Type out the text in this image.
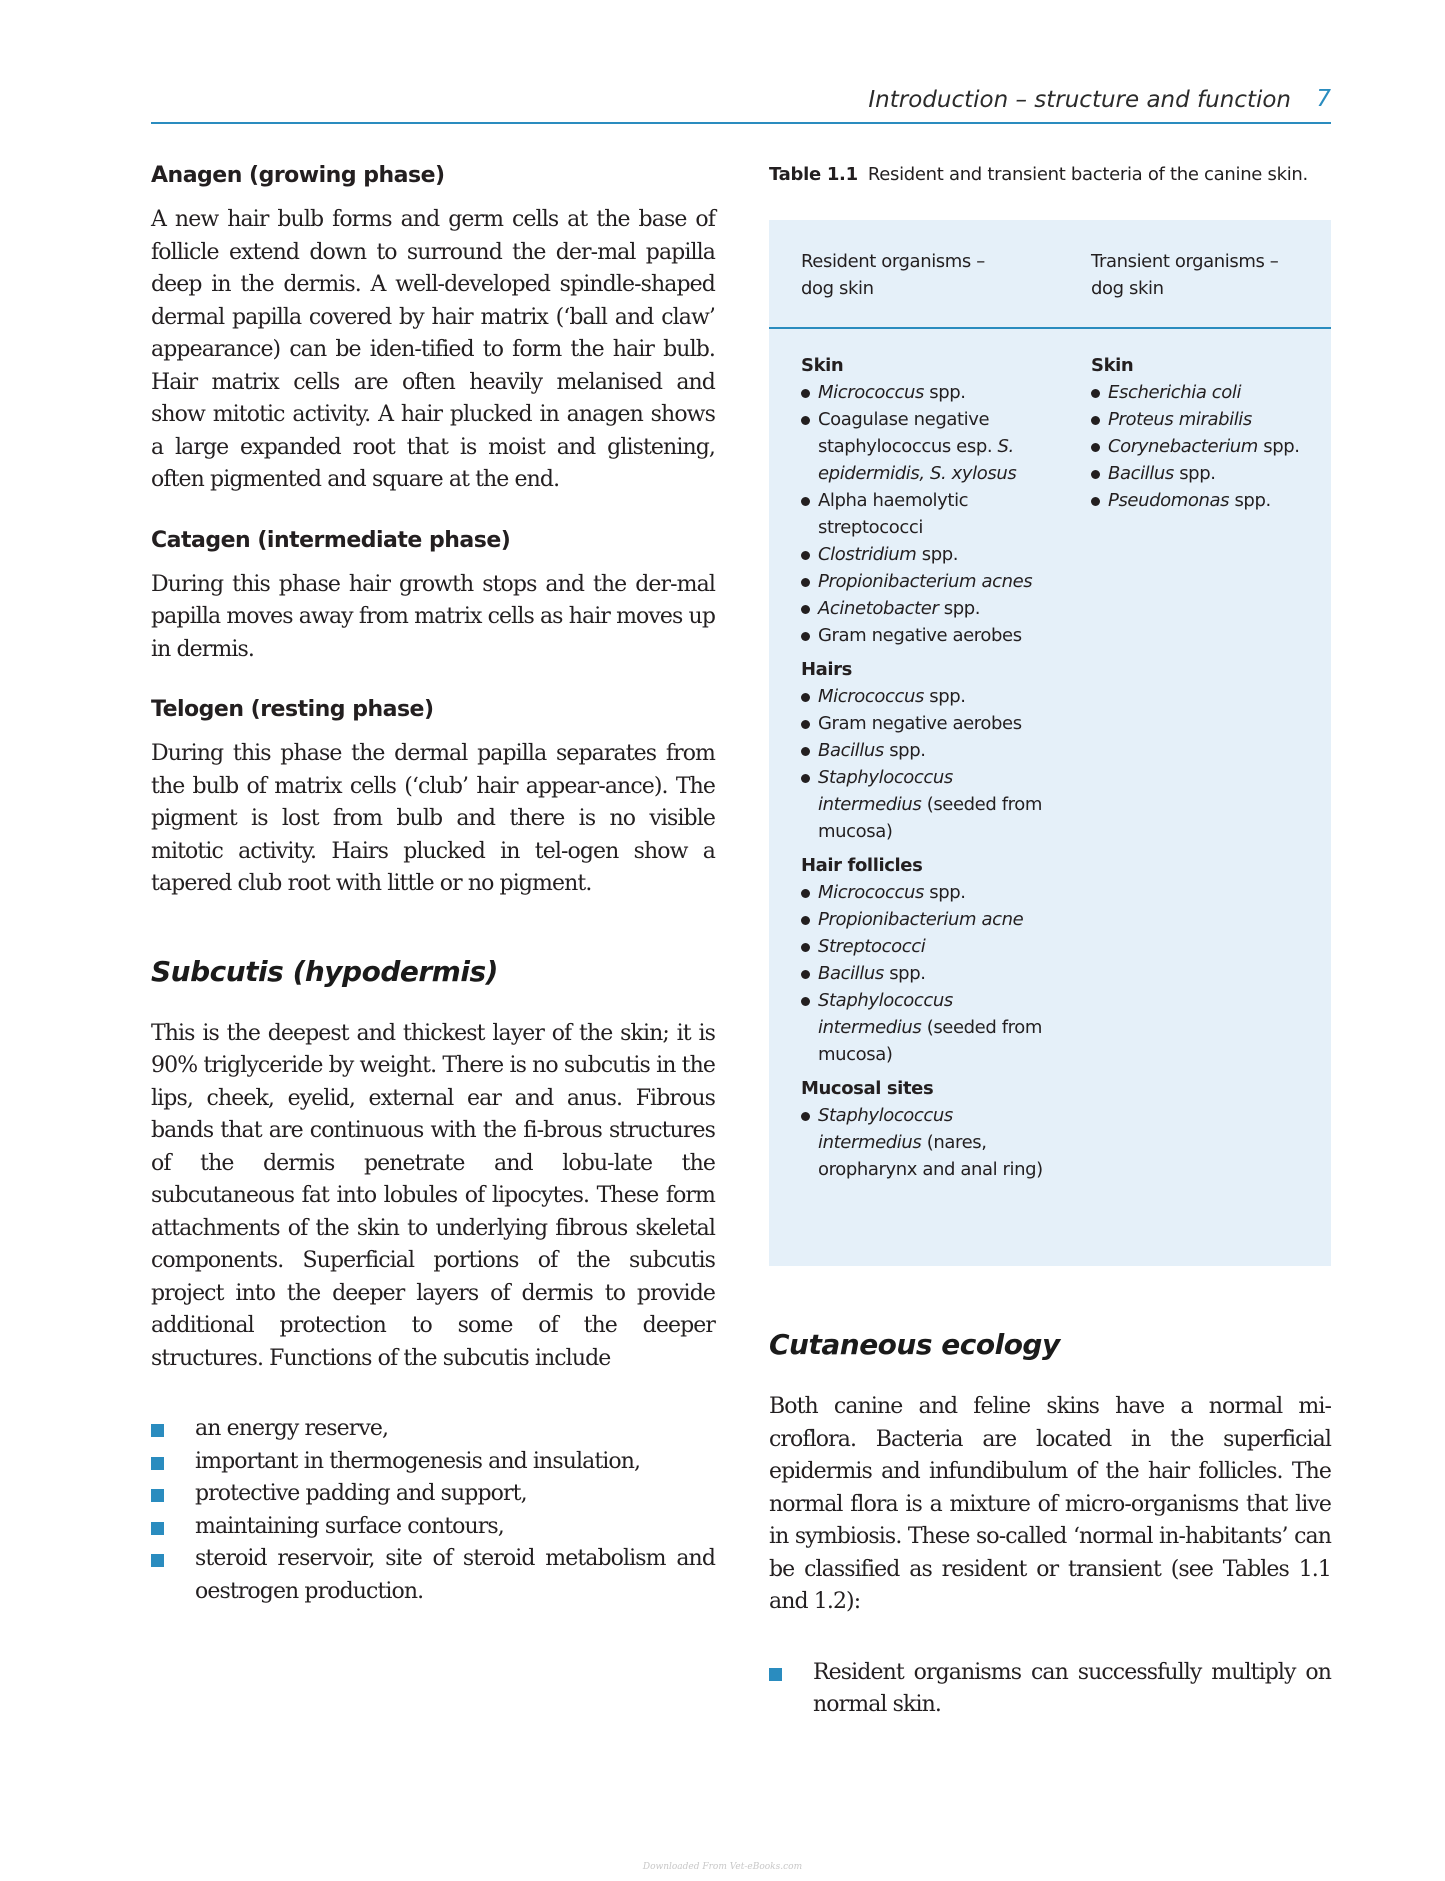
Introduction – structure and function 7
Anagen (growing phase)

A new hair bulb forms and germ cells at the base of follicle extend down to surround the der-mal papilla deep in the dermis. A well-developed spindle-shaped dermal papilla covered by hair matrix (‘ball and claw’ appearance) can be iden-tified to form the hair bulb. Hair matrix cells are often heavily melanised and show mitotic activity. A hair plucked in anagen shows a large expanded root that is moist and glistening, often pigmented and square at the end.

Catagen (intermediate phase)

During this phase hair growth stops and the der-mal papilla moves away from matrix cells as hair moves up in dermis.

Telogen (resting phase)

During this phase the dermal papilla separates from the bulb of matrix cells (‘club’ hair appear-ance). The pigment is lost from bulb and there is no visible mitotic activity. Hairs plucked in tel-ogen show a tapered club root with little or no pigment.

Subcutis (hypodermis)

This is the deepest and thickest layer of the skin; it is 90% triglyceride by weight. There is no subcutis in the lips, cheek, eyelid, external ear and anus. Fibrous bands that are continuous with the fi-brous structures of the dermis penetrate and lobu-late the subcutaneous fat into lobules of lipocytes. These form attachments of the skin to underlying fibrous skeletal components. Superficial portions of the subcutis project into the deeper layers of dermis to provide additional protection to some of the deeper structures. Functions of the subcutis include

an energy reserve,
important in thermogenesis and insulation,
protective padding and support,
maintaining surface contours,
steroid reservoir, site of steroid metabolism and oestrogen production.
Table 1.1 Resident and transient bacteria of the canine skin.
Resident organisms –
dog skin
Transient organisms –
dog skin
Skin
Micrococcus spp.
Coagulase negative staphylococcus esp. S. epidermidis, S. xylosus
Alpha haemolytic streptococci
Clostridium spp.
Propionibacterium acnes
Acinetobacter spp.
Gram negative aerobes
Hairs
Micrococcus spp.
Gram negative aerobes
Bacillus spp.
Staphylococcus intermedius (seeded from mucosa)
Hair follicles
Micrococcus spp.
Propionibacterium acne
Streptococci
Bacillus spp.
Staphylococcus intermedius (seeded from mucosa)
Mucosal sites
Staphylococcus intermedius (nares, oropharynx and anal ring)
Skin
Escherichia coli
Proteus mirabilis
Corynebacterium spp.
Bacillus spp.
Pseudomonas spp.
Cutaneous ecology

Both canine and feline skins have a normal mi-croflora. Bacteria are located in the superficial epidermis and infundibulum of the hair follicles. The normal flora is a mixture of micro-organisms that live in symbiosis. These so-called ‘normal in-habitants’ can be classified as resident or transient (see Tables 1.1 and 1.2):

Resident organisms can successfully multiply on normal skin.
Downloaded From Vet-eBooks.com
